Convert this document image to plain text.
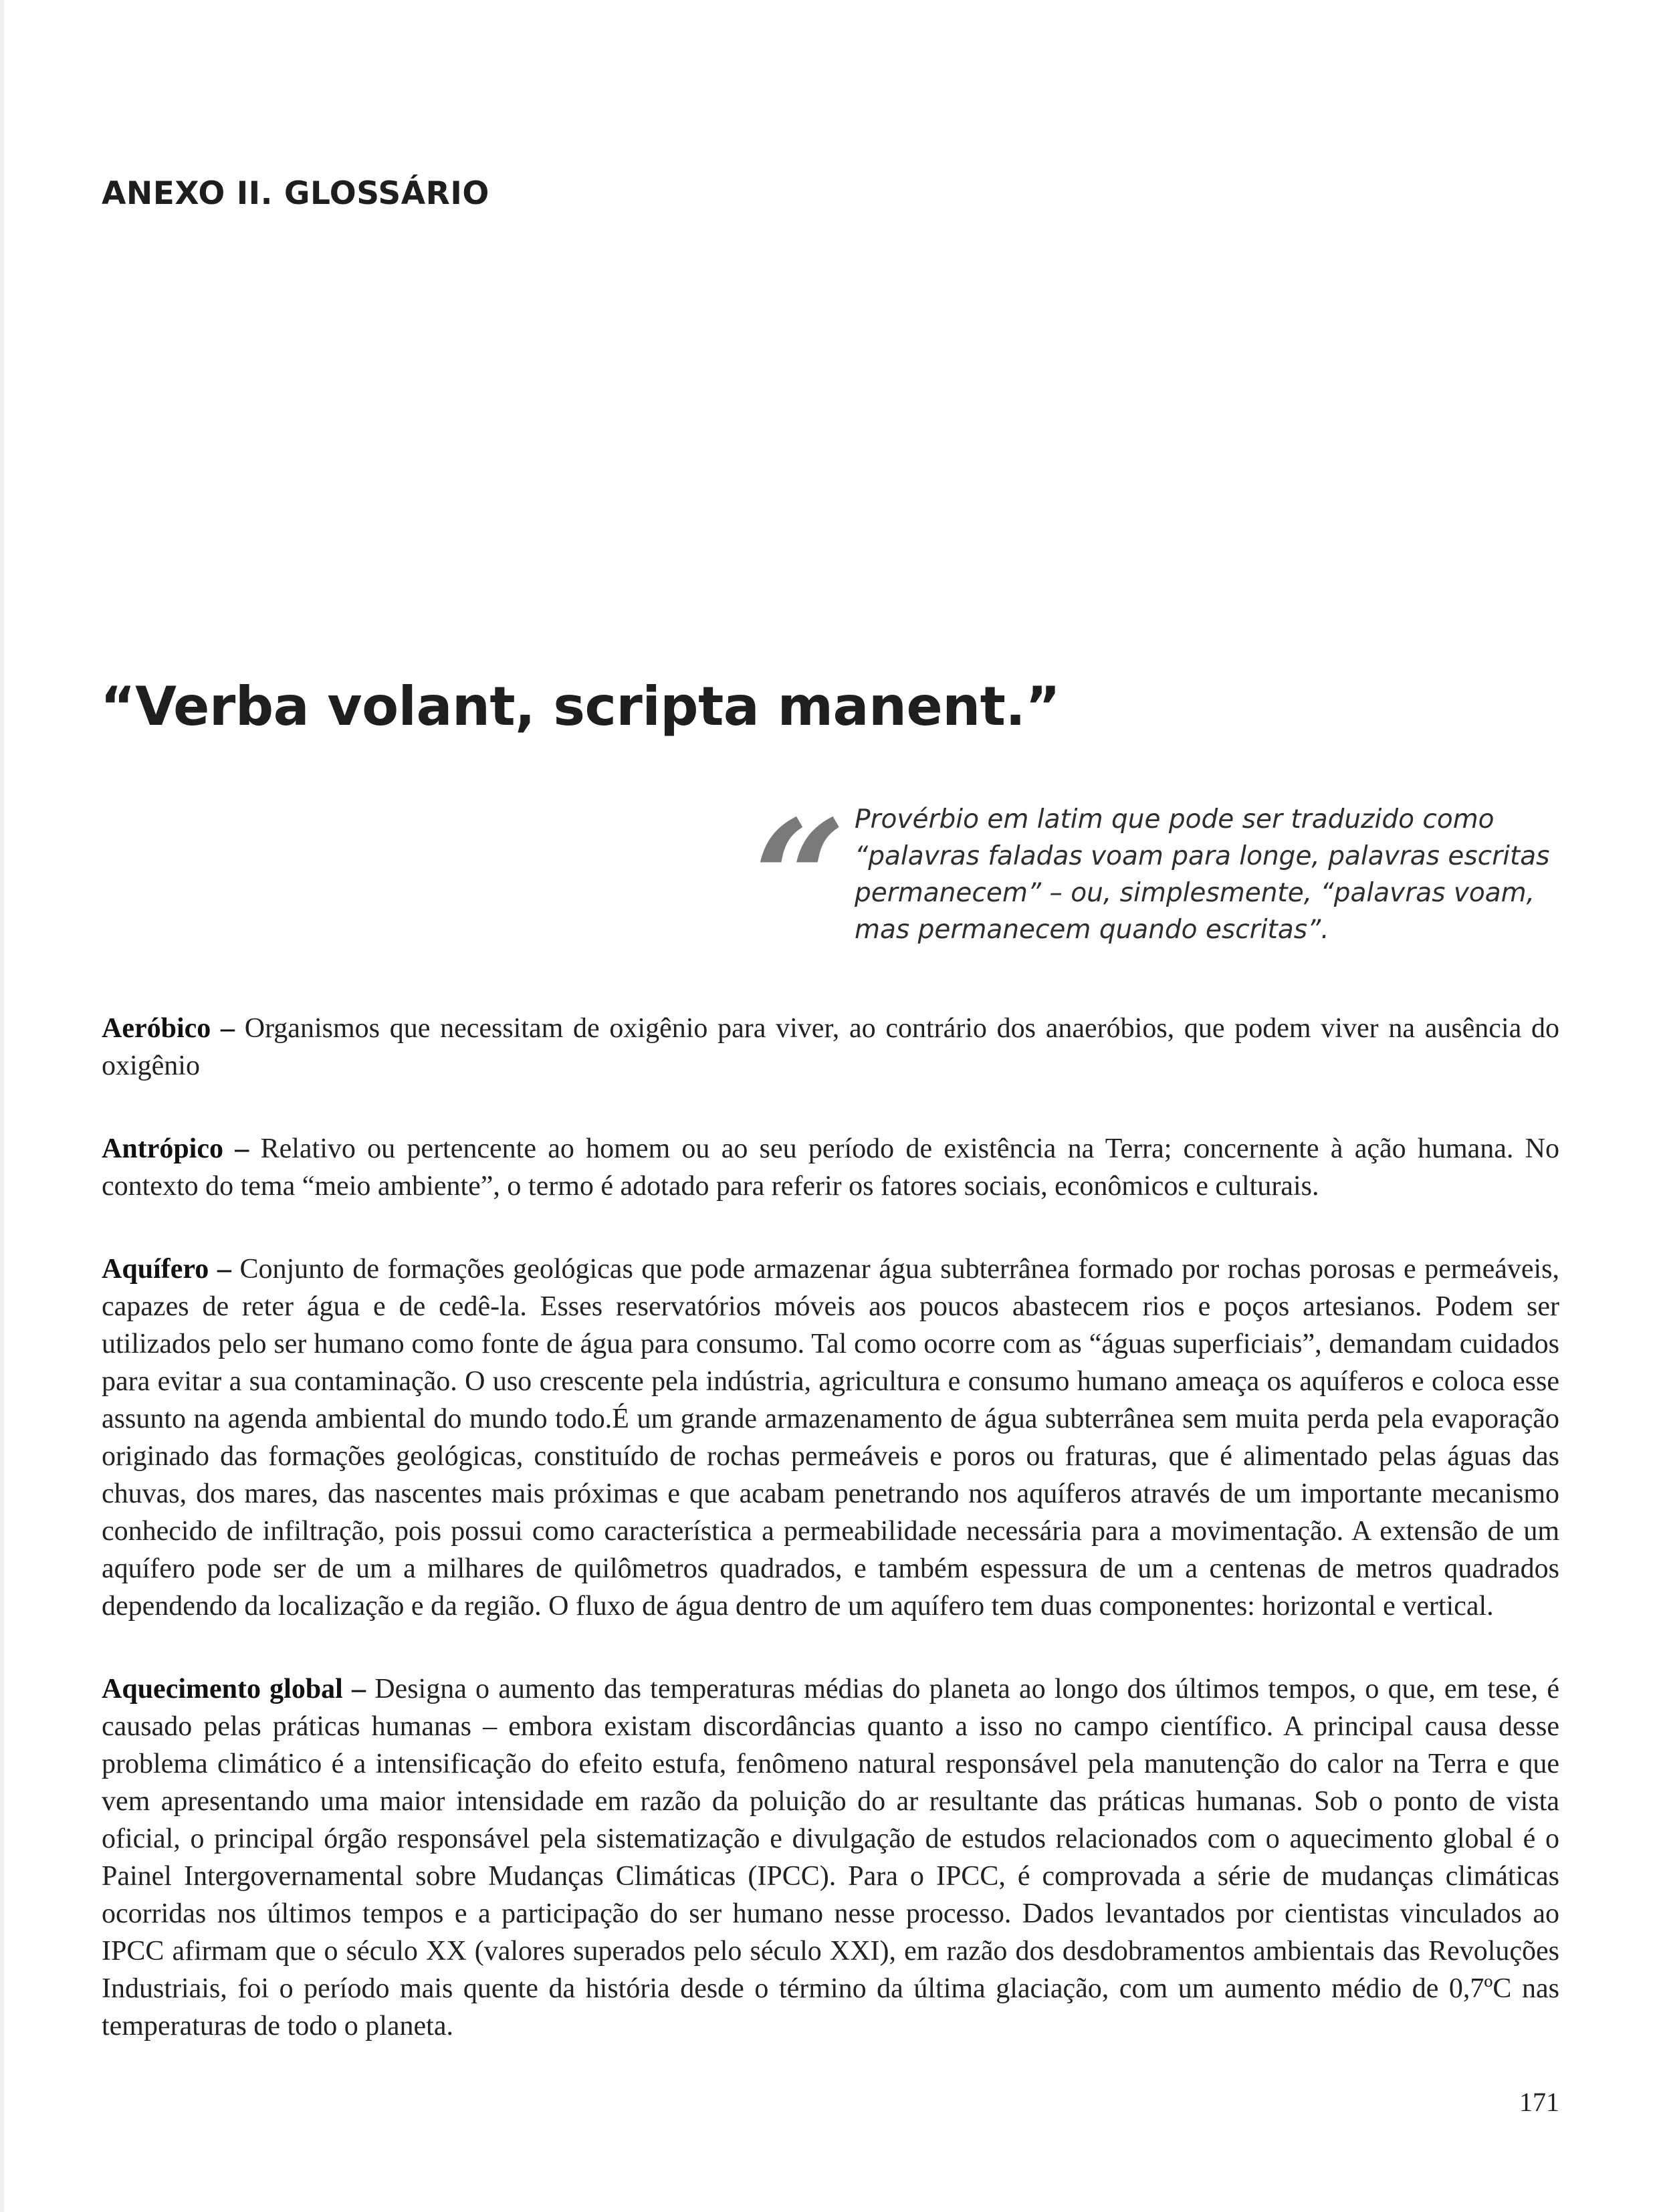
ANEXO II. GLOSSÁRIO
“Verba volant, scripta manent.”
“ Provérbio em latim que pode ser traduzido como “palavras faladas voam para longe, palavras escritas permanecem” – ou, simplesmente, “palavras voam, mas permanecem quando escritas”.

Aeróbico – Organismos que necessitam de oxigênio para viver, ao contrário dos anaeróbios, que podem viver na ausência do oxigênio

Antrópico – Relativo ou pertencente ao homem ou ao seu período de existência na Terra; concernente à ação humana. No contexto do tema “meio ambiente”, o termo é adotado para referir os fatores sociais, econômicos e culturais.

Aquífero – Conjunto de formações geológicas que pode armazenar água subterrânea formado por rochas porosas e permeáveis, capazes de reter água e de cedê-la. Esses reservatórios móveis aos poucos abastecem rios e poços artesianos. Podem ser utilizados pelo ser humano como fonte de água para consumo. Tal como ocorre com as “águas superficiais”, demandam cuidados para evitar a sua contaminação. O uso crescente pela indústria, agricultura e consumo humano ameaça os aquíferos e coloca esse assunto na agenda ambiental do mundo todo.É um grande armazenamento de água subterrânea sem muita perda pela evaporação originado das formações geológicas, constituído de rochas permeáveis e poros ou fraturas, que é alimentado pelas águas das chuvas, dos mares, das nascentes mais próximas e que acabam penetrando nos aquíferos através de um importante mecanismo conhecido de infiltração, pois possui como característica a permeabilidade necessária para a movimentação. A extensão de um aquífero pode ser de um a milhares de quilômetros quadrados, e também espessura de um a centenas de metros quadrados dependendo da localização e da região. O fluxo de água dentro de um aquífero tem duas componentes: horizontal e vertical.

Aquecimento global – Designa o aumento das temperaturas médias do planeta ao longo dos últimos tempos, o que, em tese, é causado pelas práticas humanas – embora existam discordâncias quanto a isso no campo científico. A principal causa desse problema climático é a intensificação do efeito estufa, fenômeno natural responsável pela manutenção do calor na Terra e que vem apresentando uma maior intensidade em razão da poluição do ar resultante das práticas humanas. Sob o ponto de vista oficial, o principal órgão responsável pela sistematização e divulgação de estudos relacionados com o aquecimento global é o Painel Intergovernamental sobre Mudanças Climáticas (IPCC). Para o IPCC, é comprovada a série de mudanças climáticas ocorridas nos últimos tempos e a participação do ser humano nesse processo. Dados levantados por cientistas vinculados ao IPCC afirmam que o século XX (valores superados pelo século XXI), em razão dos desdobramentos ambientais das Revoluções Industriais, foi o período mais quente da história desde o término da última glaciação, com um aumento médio de 0,7ºC nas temperaturas de todo o planeta.

171
